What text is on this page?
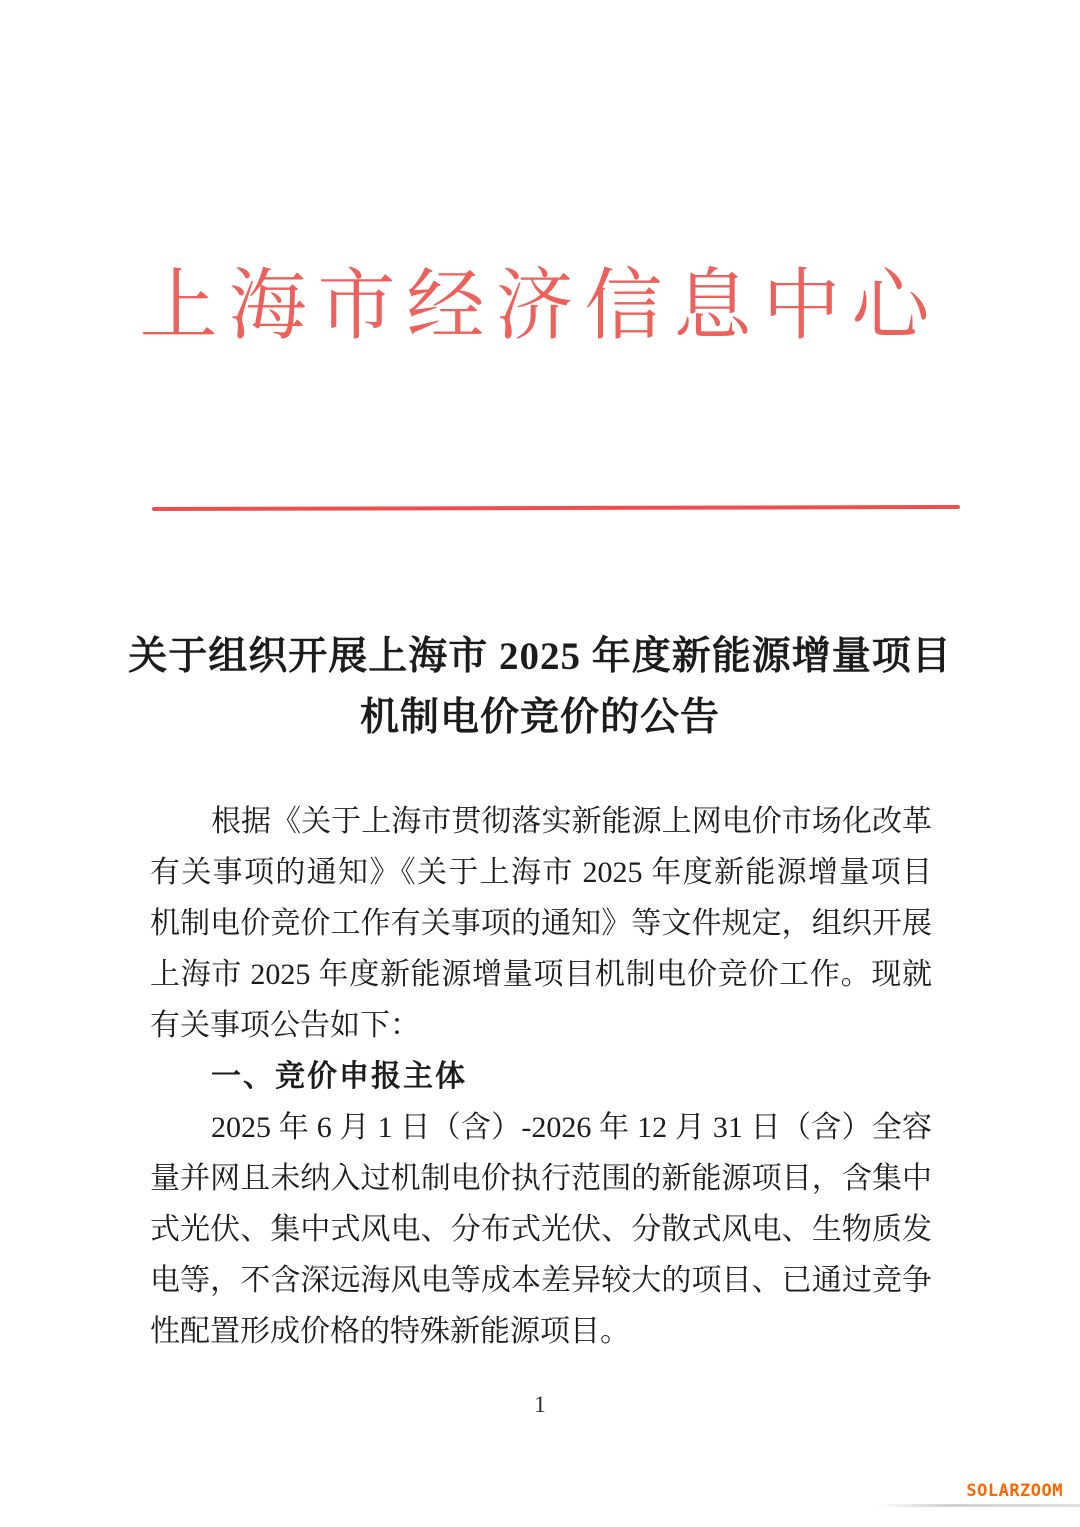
上海市经济信息中心
关于组织开展上海市 2025 年度新能源增量项目
机制电价竞价的公告
根据《关于上海市贯彻落实新能源上网电价市场化改革
有关事项的通知》《关于上海市 2025 年度新能源增量项目
机制电价竞价工作有关事项的通知》等文件规定，组织开展
上海市 2025 年度新能源增量项目机制电价竞价工作。现就
有关事项公告如下：
一、竞价申报主体
2025 年 6 月 1 日（含）-2026 年 12 月 31 日（含）全容
量并网且未纳入过机制电价执行范围的新能源项目，含集中
式光伏、集中式风电、分布式光伏、分散式风电、生物质发
电等，不含深远海风电等成本差异较大的项目、已通过竞争
性配置形成价格的特殊新能源项目。
1
SOLARZOOM
